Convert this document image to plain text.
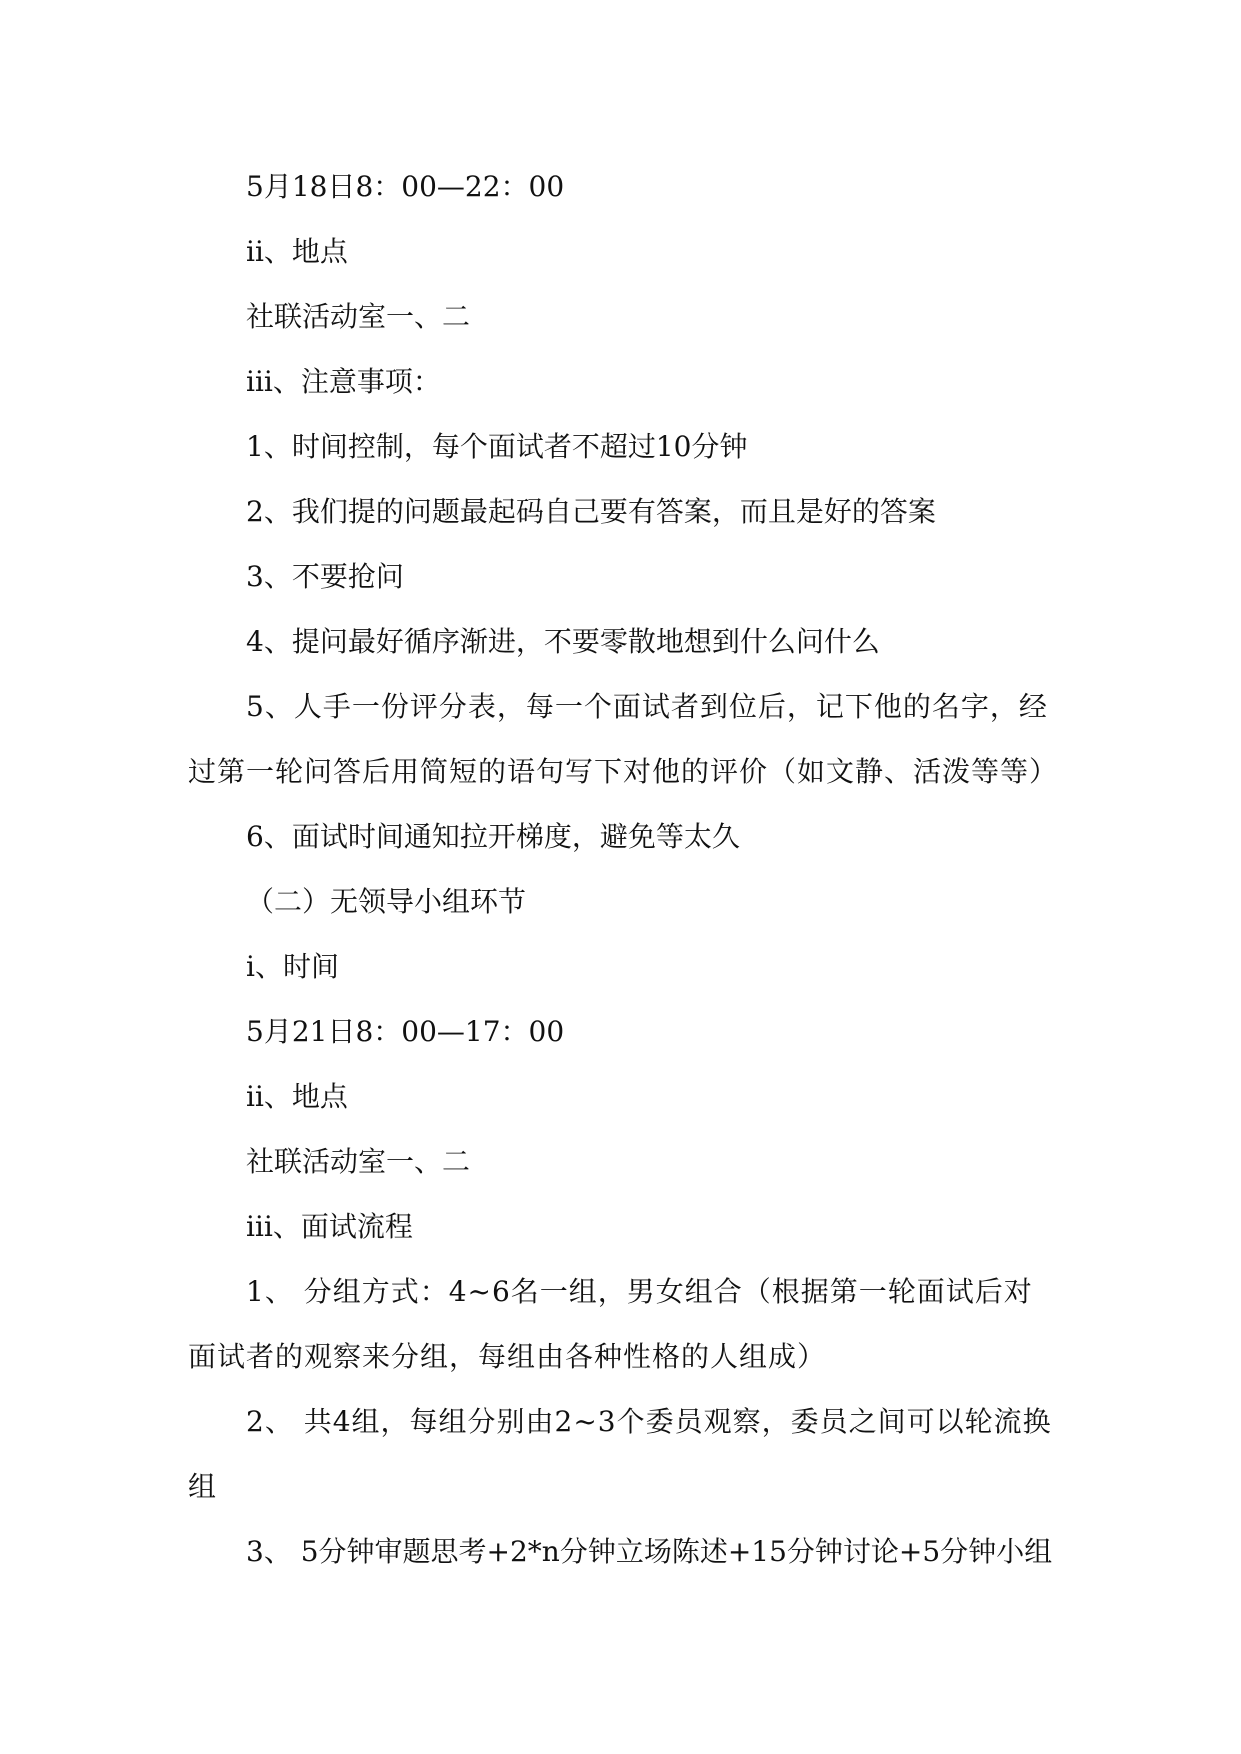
5月18日8：00—22：00
ⅱ、地点
社联活动室一、二
ⅲ、注意事项：
1、时间控制，每个面试者不超过10分钟
2、我们提的问题最起码自己要有答案，而且是好的答案
3、不要抢问
4、提问最好循序渐进，不要零散地想到什么问什么
5、人手一份评分表，每一个面试者到位后，记下他的名字，经过第一轮问答后用简短的语句写下对他的评价（如文静、活泼等等）
6、面试时间通知拉开梯度，避免等太久
（二）无领导小组环节
ⅰ、时间
5月21日8：00—17：00
ⅱ、地点
社联活动室一、二
ⅲ、面试流程
1、 分组方式：4~6名一组，男女组合（根据第一轮面试后对面试者的观察来分组，每组由各种性格的人组成）
2、 共4组，每组分别由2~3个委员观察，委员之间可以轮流换组
3、 5分钟审题思考+2*n分钟立场陈述+15分钟讨论+5分钟小组
